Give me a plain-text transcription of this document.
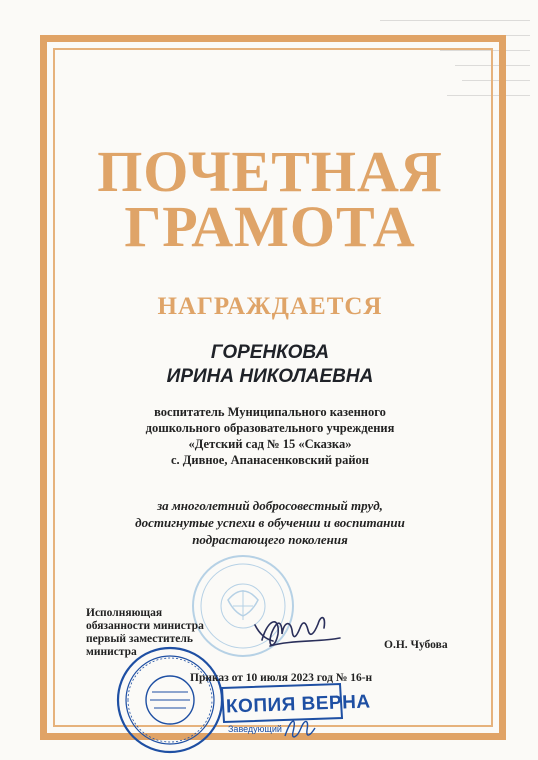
ПОЧЕТНАЯ
ГРАМОТА
НАГРАЖДАЕТСЯ
ГОРЕНКОВА
ИРИНА НИКОЛАЕВНА
воспитатель Муниципального казенного
дошкольного образовательного учреждения
«Детский сад № 15 «Сказка»
с. Дивное, Апанасенковский район
за многолетний добросовестный труд,
достигнутые успехи в обучении и воспитании
подрастающего поколения
Исполняющая
обязанности министра
первый заместитель
министра
О.Н. Чубова
Приказ от 10 июля 2023 год № 16-н
КОПИЯ ВЕРНА
Заведующий
